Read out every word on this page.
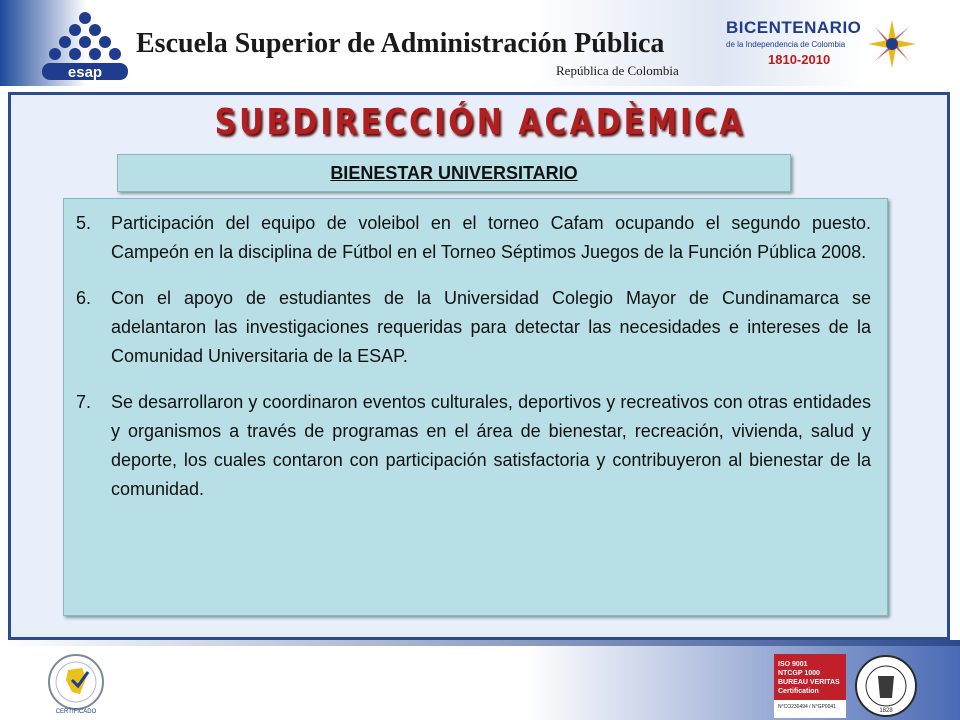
esap
Escuela Superior de Administración Pública
República de Colombia
BICENTENARIO
de la Independencia de Colombia
1810-2010
SUBDIRECCIÓN ACADÈMICA
BIENESTAR UNIVERSITARIO
5. Participación del equipo de voleibol en el torneo Cafam ocupando el segundo puesto. Campeón en la disciplina de Fútbol en el Torneo Séptimos Juegos de la Función Pública 2008.
6. Con el apoyo de estudiantes de la Universidad Colegio Mayor de Cundinamarca se adelantaron las investigaciones requeridas para detectar las necesidades e intereses de la Comunidad Universitaria de la ESAP.
7. Se desarrollaron y coordinaron eventos culturales, deportivos y recreativos con otras entidades y organismos a través de programas en el área de bienestar, recreación, vivienda, salud y deporte, los cuales contaron con participación satisfactoria y contribuyeron al bienestar de la comunidad.
CERTIFICADO	1828
ISO 9001
NTCGP 1000
BUREAU VERITAS
Certification
N°CO230494 / N°GP0041
